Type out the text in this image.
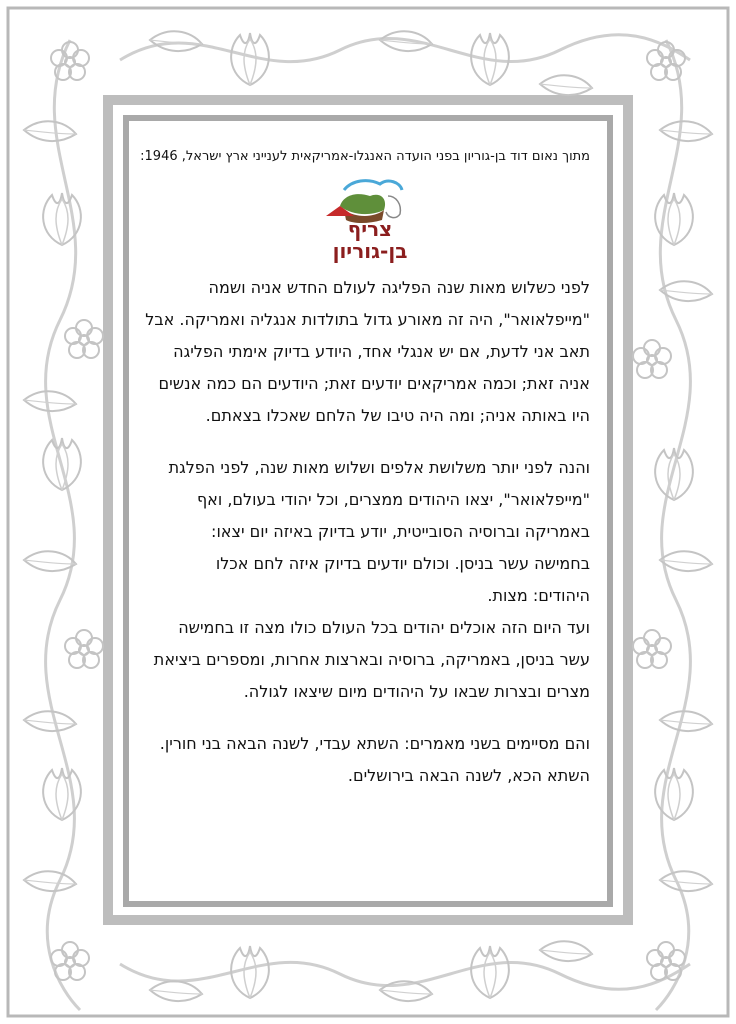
מתוך נאום דוד בן-גוריון בפני הועדה האנגלו-אמריקאית לענייני ארץ ישראל, 1946:

צריף
בן-גוריון

לפני כשלוש מאות שנה הפליגה לעולם החדש אניה ושמה
"מייפלאואר", היה זה מאורע גדול בתולדות אנגליה ואמריקה. אבל
תאב אני לדעת, אם יש אנגלי אחד, היודע בדיוק אימתי הפליגה
אניה זאת; וכמה אמריקאים יודעים זאת; היודעים הם כמה אנשים
היו באותה אניה; ומה היה טיבו של הלחם שאכלו בצאתם.

והנה לפני יותר משלושת אלפים ושלוש מאות שנה, לפני הפלגת
"מייפלאואר", יצאו היהודים ממצרים, וכל יהודי בעולם, ואף
באמריקה וברוסיה הסובייטית, יודע בדיוק באיזה יום יצאו:
בחמישה עשר בניסן. וכולם יודעים בדיוק איזה לחם אכלו
היהודים: מצות.
ועד היום הזה אוכלים יהודים בכל העולם כולו מצה זו בחמישה
עשר בניסן, באמריקה, ברוסיה ובארצות אחרות, ומספרים ביציאת
מצרים ובצרות שבאו על היהודים מיום שיצאו לגולה.

והם מסיימים בשני מאמרים: השתא עבדי, לשנה הבאה בני חורין.
השתא הכא, לשנה הבאה בירושלים.
